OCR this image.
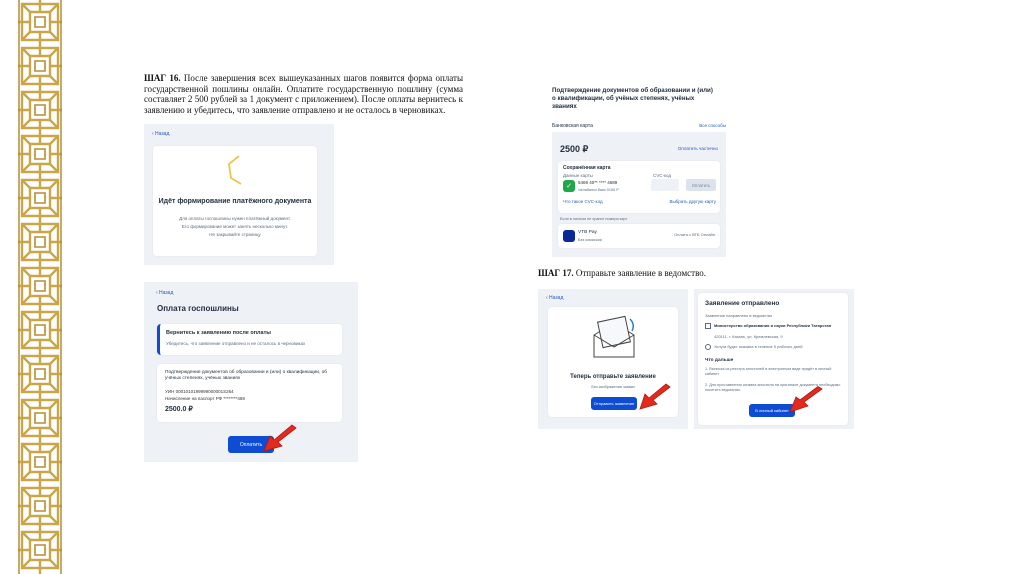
ШАГ 16. После завершения всех вышеуказанных шагов появится форма оплаты государственной пошлины онлайн. Оплатите государственную пошлину (сумма составляет 2 500 рублей за 1 документ с приложением). После оплаты вернитесь к заявлению и убедитесь, что заявление отправлено и не осталось в черновиках.

ШАГ 17. Отправьте заявление в ведомство.

‹ Назад
Идёт формирование платёжного документа
Для оплаты госпошлины нужен платёжный документ.
Его формирование может занять несколько минут.
Не закрывайте страницу
‹ Назад
Оплата госпошлины
Вернитесь к заявлению после оплаты
Убедитесь, что заявление отправлено и не осталось в черновиках
Подтверждение документов об образовании и (или) о квалификации, об учёных степенях, учёных званиях
УИН 0001010199999000001S264
Начисление на паспорт РФ ********469
2500.0 ₽
Оплатить
Подтверждение документов об образовании и (или) о квалификации, об учёных степенях, учёных званиях
Банковская карта	Все способы
2500 ₽	Оплатить частично
Сохранённая карта
Данные карты
✓
5469 40** **** 4689
Челябинск банк 0155 Р
CVC-код
Оплатить
Что такое CVC-код	Выбрать другую карту
Если в личном не хранит номера карт
VTB Pay
Без комиссии
Оплата с ВТБ Онлайн
‹ Назад
Теперь отправьте заявление
Без изображения заявки
Отправить заявление
Заявление отправлено
Заявление направлено в ведомство
Министерство образования и науки Республики Татарстан
420111, г. Казань, ул. Кремлевская, 9
Услуга будет оказана в течение 5 рабочих дней
Что дальше
1. Выписка из реестра апостилей в электронном виде придёт в личный кабинет
2. Для проставления штампа апостиля на оригинале документа необходимо посетить ведомство
В личный кабинет
